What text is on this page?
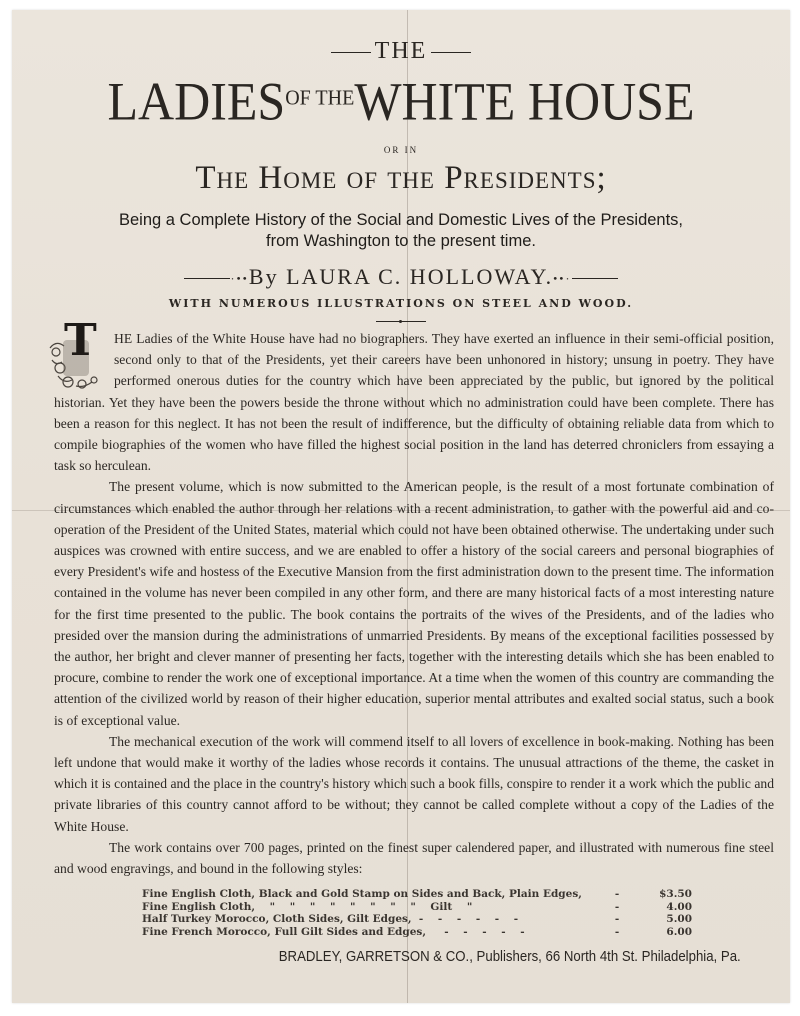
THE
$LADIES^{OF THE}WHITE$ HOUSE
OR IN
The Home of the Presidents;
Being a Complete History of the Social and Domestic Lives of the Presidents,
from Washington to the present time.
·••By LAURA C. HOLLOWAY.••·
WITH NUMEROUS ILLUSTRATIONS ON STEEL AND WOOD.

T HE Ladies of the White House have had no biographers. They have exerted an influence in their semi-official position, second only to that of the Presidents, yet their careers have been unhonored in history; unsung in poetry. They have performed onerous duties for the country which have been appreciated by the public, but ignored by the political historian. Yet they have been the powers beside the throne without which no administration could have been complete. There has been a reason for this neglect. It has not been the result of indifference, but the difficulty of obtaining reliable data from which to compile biographies of the women who have filled the highest social position in the land has deterred chroniclers from essaying a task so herculean.

The present volume, which is now submitted to the American people, is the result of a most fortunate combination of circumstances which enabled the author through her relations with a recent administration, to gather with the powerful aid and co-operation of the President of the United States, material which could not have been obtained otherwise. The undertaking under such auspices was crowned with entire success, and we are enabled to offer a history of the social careers and personal biographies of every President's wife and hostess of the Executive Mansion from the first administration down to the present time. The information contained in the volume has never been compiled in any other form, and there are many historical facts of a most interesting nature for the first time presented to the public. The book contains the portraits of the wives of the Presidents, and of the ladies who presided over the mansion during the administrations of unmarried Presidents. By means of the exceptional facilities possessed by the author, her bright and clever manner of presenting her facts, together with the interesting details which she has been enabled to procure, combine to render the work one of exceptional importance. At a time when the women of this country are commanding the attention of the civilized world by reason of their higher education, superior mental attributes and exalted social status, such a book is of exceptional value.

The mechanical execution of the work will commend itself to all lovers of excellence in book-making. Nothing has been left undone that would make it worthy of the ladies whose records it contains. The unusual attractions of the theme, the casket in which it is contained and the place in the country's history which such a book fills, conspire to render it a work which the public and private libraries of this country cannot afford to be without; they cannot be called complete without a copy of the Ladies of the White House.

The work contains over 700 pages, printed on the finest super calendered paper, and illustrated with numerous fine steel and wood engravings, and bound in the following styles:

Fine English Cloth, Black and Gold Stamp on Sides and Back, Plain Edges,	-	$3.50
Fine English Cloth,    "    "    "    "    "    "    "    "    Gilt    "	-	4.00
Half Turkey Morocco, Cloth Sides, Gilt Edges,  -    -    -    -    -    -	-	5.00
Fine French Morocco, Full Gilt Sides and Edges,     -    -    -    -    -	-	6.00
BRADLEY, GARRETSON & CO., Publishers, 66 North 4th St. Philadelphia, Pa.
